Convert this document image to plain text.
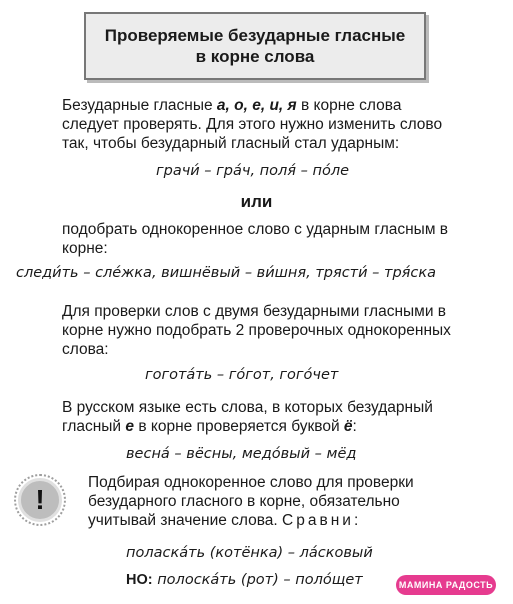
Проверяемые безударные гласные
в корне слова
Безударные гласные а, о, е, и, я в корне слова следует проверять. Для этого нужно изменить слово так, чтобы безударный гласный стал ударным:
грачи́ – гра́ч, поля́ – по́ле
или
подобрать однокоренное слово с ударным гласным в корне:
следи́ть – сле́жка, вишнёвый – ви́шня, трясти́ – тря́ска
Для проверки слов с двумя безударными гласными в корне нужно подобрать 2 проверочных однокоренных слова:
гогота́ть – го́гот, гого́чет
В русском языке есть слова, в которых безударный гласный е в корне проверяется буквой ё:
весна́ – вёсны, медо́вый – мёд
!
Подбирая однокоренное слово для проверки безударного гласного в корне, обязательно учитывай значение слова. Сравни:
поласка́ть (котёнка) – ла́сковый
НО: полоска́ть (рот) – поло́щет	МАМИНА РАДОСТЬ
